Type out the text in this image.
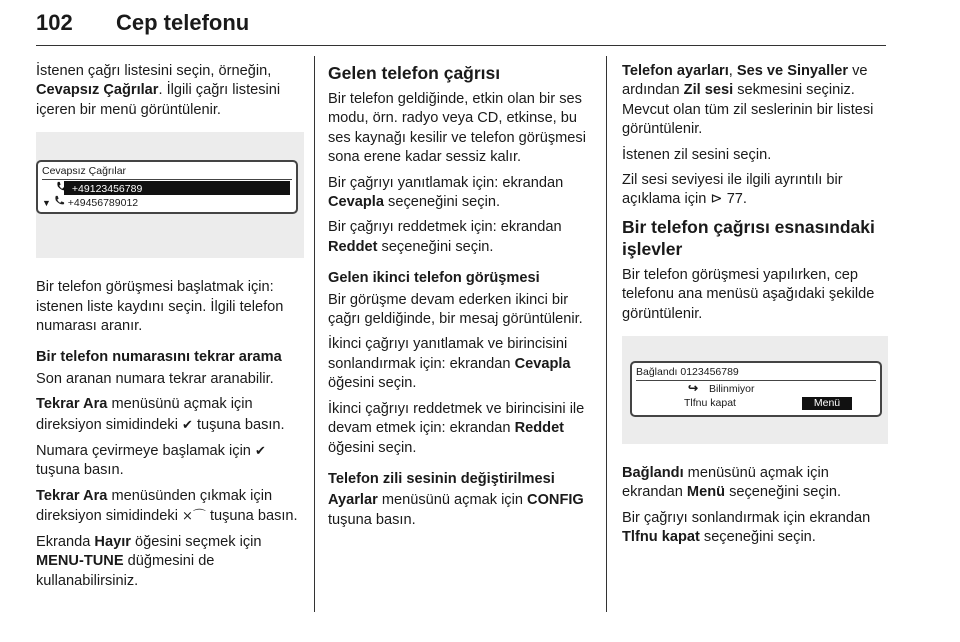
102 Cep telefonu

İstenen çağrı listesini seçin, örneğin, Cevapsız Çağrılar. İlgili çağrı listesini içeren bir menü görüntülenir.

Cevapsız Çağrılar
+49123456789
▼ +49456789012

Bir telefon görüşmesi başlatmak için: istenen liste kaydını seçin. İlgili telefon numarası aranır.

Bir telefon numarasını tekrar arama

Son aranan numara tekrar aranabilir.

Tekrar Ara menüsünü açmak için direksiyon simidindeki ✔ tuşuna basın.

Numara çevirmeye başlamak için ✔ tuşuna basın.

Tekrar Ara menüsünden çıkmak için direksiyon simidindeki ⨯⌒ tuşuna basın.

Ekranda Hayır öğesini seçmek için MENU-TUNE düğmesini de kullanabilirsiniz.

Gelen telefon çağrısı

Bir telefon geldiğinde, etkin olan bir ses modu, örn. radyo veya CD, etkinse, bu ses kaynağı kesilir ve telefon görüşmesi sona erene kadar sessiz kalır.

Bir çağrıyı yanıtlamak için: ekrandan Cevapla seçeneğini seçin.

Bir çağrıyı reddetmek için: ekrandan Reddet seçeneğini seçin.

Gelen ikinci telefon görüşmesi

Bir görüşme devam ederken ikinci bir çağrı geldiğinde, bir mesaj görüntülenir.

İkinci çağrıyı yanıtlamak ve birincisini sonlandırmak için: ekrandan Cevapla öğesini seçin.

İkinci çağrıyı reddetmek ve birincisini ile devam etmek için: ekrandan Reddet öğesini seçin.

Telefon zili sesinin değiştirilmesi

Ayarlar menüsünü açmak için CONFIG tuşuna basın.

Telefon ayarları, Ses ve Sinyaller ve ardından Zil sesi sekmesini seçiniz. Mevcut olan tüm zil seslerinin bir listesi görüntülenir.

İstenen zil sesini seçin.

Zil sesi seviyesi ile ilgili ayrıntılı bir açıklama için ⊳ 77.

Bir telefon çağrısı esnasındaki işlevler

Bir telefon görüşmesi yapılırken, cep telefonu ana menüsü aşağıdaki şekilde görüntülenir.

Bağlandı 0123456789
↪ Bilinmiyor
Tlfnu kapat	Menü

Bağlandı menüsünü açmak için ekrandan Menü seçeneğini seçin.

Bir çağrıyı sonlandırmak için ekrandan Tlfnu kapat seçeneğini seçin.
